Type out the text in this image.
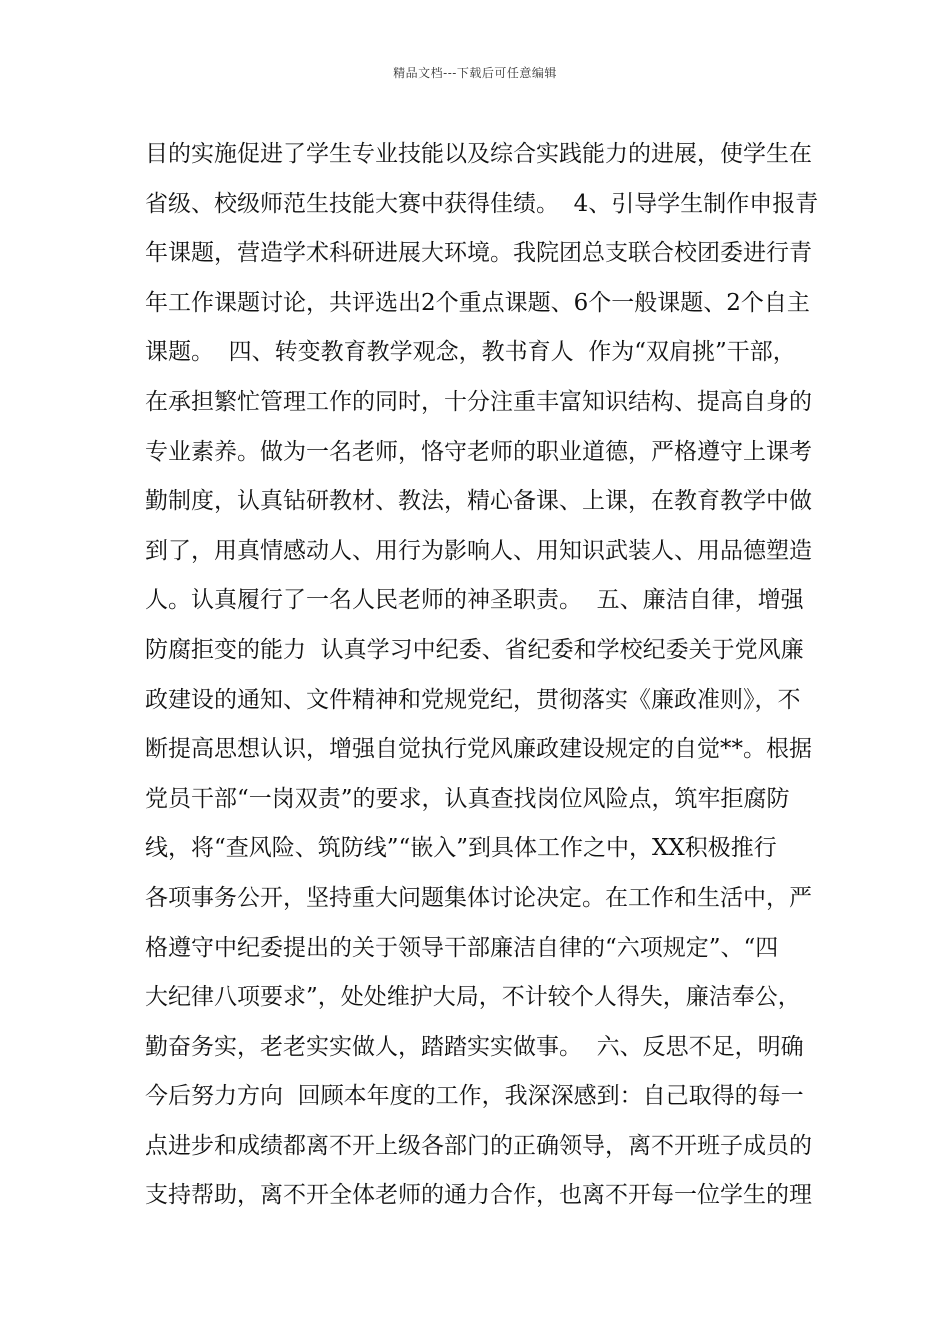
精品文档---下载后可任意编辑
目的实施促进了学生专业技能以及综合实践能力的进展，使学生在
省级、校级师范生技能大赛中获得佳绩。  4、引导学生制作申报青
年课题，营造学术科研进展大环境。我院团总支联合校团委进行青
年工作课题讨论，共评选出2个重点课题、6个一般课题、2个自主
课题。  四、转变教育教学观念，教书育人  作为“双肩挑”干部，
在承担繁忙管理工作的同时，十分注重丰富知识结构、提高自身的
专业素养。做为一名老师，恪守老师的职业道德，严格遵守上课考
勤制度，认真钻研教材、教法，精心备课、上课，在教育教学中做
到了，用真情感动人、用行为影响人、用知识武装人、用品德塑造
人。认真履行了一名人民老师的神圣职责。  五、廉洁自律，增强
防腐拒变的能力  认真学习中纪委、省纪委和学校纪委关于党风廉
政建设的通知、文件精神和党规党纪，贯彻落实《廉政准则》，不
断提高思想认识，增强自觉执行党风廉政建设规定的自觉**。根据
党员干部“一岗双责”的要求，认真查找岗位风险点，筑牢拒腐防
线，将“查风险、筑防线”“嵌入”到具体工作之中，XX积极推行
各项事务公开，坚持重大问题集体讨论决定。在工作和生活中，严
格遵守中纪委提出的关于领导干部廉洁自律的“六项规定”、“四
大纪律八项要求”，处处维护大局，不计较个人得失，廉洁奉公，
勤奋务实，老老实实做人，踏踏实实做事。  六、反思不足，明确
今后努力方向  回顾本年度的工作，我深深感到：自己取得的每一
点进步和成绩都离不开上级各部门的正确领导，离不开班子成员的
支持帮助，离不开全体老师的通力合作，也离不开每一位学生的理
